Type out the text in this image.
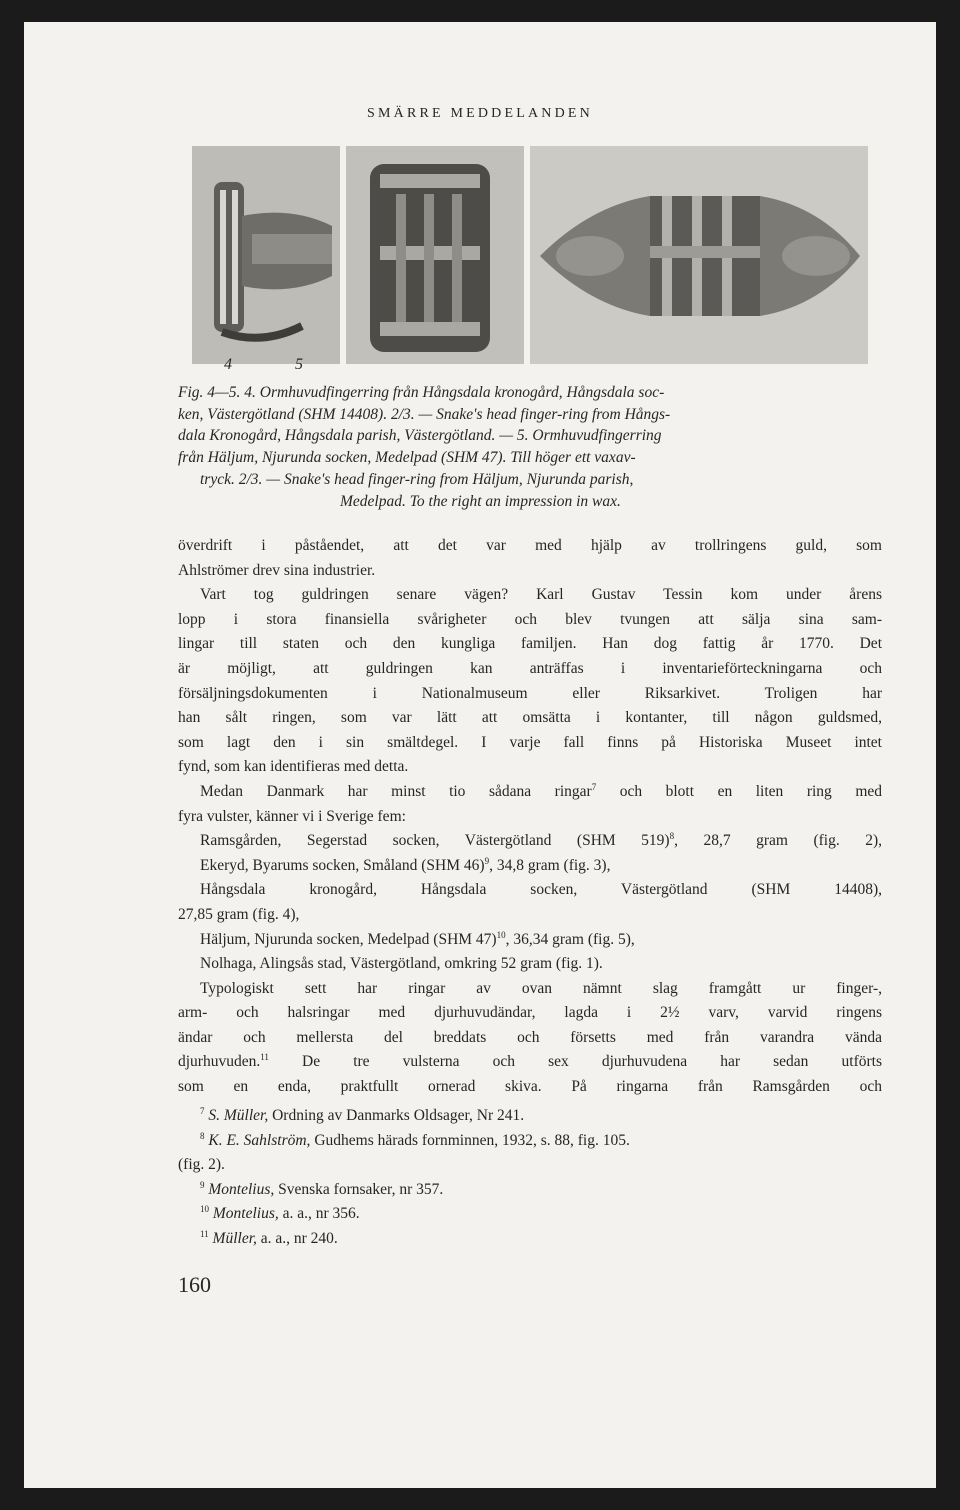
SMÄRRE MEDDELANDEN
4	5
Fig. 4—5. 4. Ormhuvudfingerring från Hångsdala kronogård, Hångsdala soc-
ken, Västergötland (SHM 14408). 2/3. — Snake's head finger-ring from Hångs-
dala Kronogård, Hångsdala parish, Västergötland. — 5. Ormhuvudfingerring
från Häljum, Njurunda socken, Medelpad (SHM 47). Till höger ett vaxav-
tryck. 2/3. — Snake's head finger-ring from Häljum, Njurunda parish,
Medelpad. To the right an impression in wax.
överdrift i påståendet, att det var med hjälp av trollringens guld, som
Ahlströmer drev sina industrier.
Vart tog guldringen senare vägen? Karl Gustav Tessin kom under årens
lopp i stora finansiella svårigheter och blev tvungen att sälja sina sam-
lingar till staten och den kungliga familjen. Han dog fattig år 1770. Det
är möjligt, att guldringen kan anträffas i inventarieförteckningarna och
försäljningsdokumenten i Nationalmuseum eller Riksarkivet. Troligen har
han sålt ringen, som var lätt att omsätta i kontanter, till någon guldsmed,
som lagt den i sin smältdegel. I varje fall finns på Historiska Museet intet
fynd, som kan identifieras med detta.
Medan Danmark har minst tio sådana ringar$^7$ och blott en liten ring med
fyra vulster, känner vi i Sverige fem:
Ramsgården, Segerstad socken, Västergötland (SHM 519)$^8$, 28,7 gram (fig. 2),
Ekeryd, Byarums socken, Småland (SHM 46)$^9$, 34,8 gram (fig. 3),
Hångsdala kronogård, Hångsdala socken, Västergötland (SHM 14408),
27,85 gram (fig. 4),
Häljum, Njurunda socken, Medelpad (SHM 47)$^{10}$, 36,34 gram (fig. 5),
Nolhaga, Alingsås stad, Västergötland, omkring 52 gram (fig. 1).
Typologiskt sett har ringar av ovan nämnt slag framgått ur finger-,
arm- och halsringar med djurhuvudändar, lagda i 2½ varv, varvid ringens
ändar och mellersta del breddats och försetts med från varandra vända
djurhuvuden.$^{11}$ De tre vulsterna och sex djurhuvudena har sedan utförts
som en enda, praktfullt ornerad skiva. På ringarna från Ramsgården och
$^7$ S. Müller, Ordning av Danmarks Oldsager, Nr 241.
$^8$ K. E. Sahlström, Gudhems härads fornminnen, 1932, s. 88, fig. 105.
(fig. 2).
$^9$ Montelius, Svenska fornsaker, nr 357.
$^{10}$ Montelius, a. a., nr 356.
$^{11}$ Müller, a. a., nr 240.
160
